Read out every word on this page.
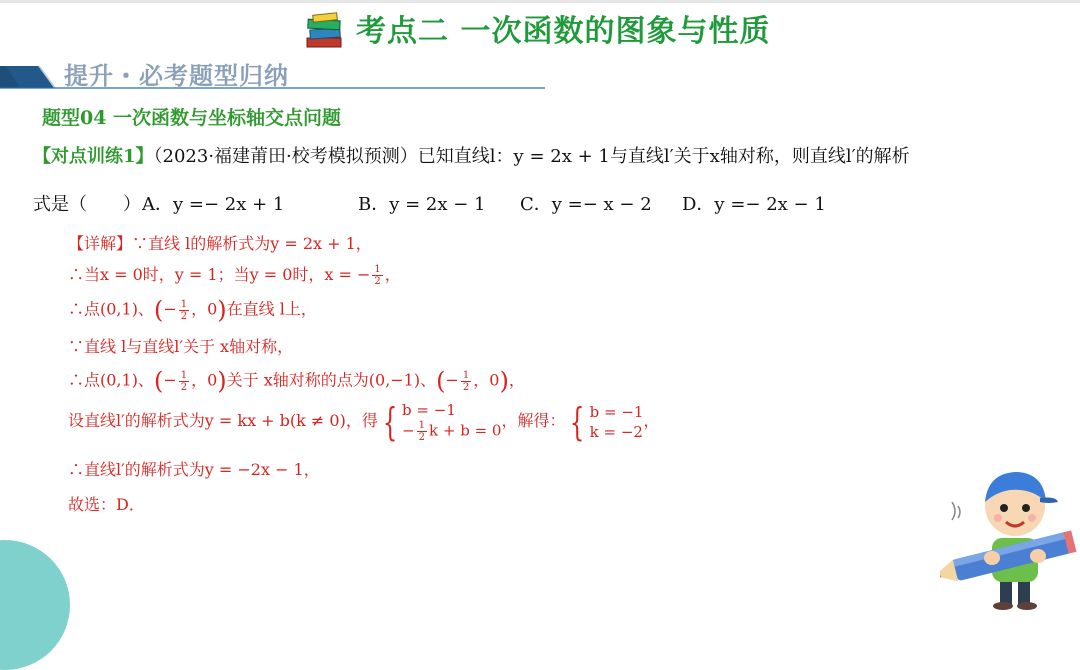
考点二 一次函数的图象与性质
提升・必考题型归纳
题型04 一次函数与坐标轴交点问题
【对点训练1】（2023·福建莆田·校考模拟预测）已知直线l：y = 2x + 1与直线l′关于x轴对称，则直线l′的解析
式是（　　） A．y =− 2x + 1	B．y = 2x − 1 C．y =− x − 2 D．y =− 2x − 1
【详解】∵直线 l的解析式为y = 2x + 1，
∴当x = 0时，y = 1；当y = 0时，x = − $\frac{1}{2}$ ，
∴点(0,1)、(− $\frac{1}{2}$ ，0)在直线 l上，
∵直线 l与直线l′关于 x轴对称，
∴点(0,1)、(− $\frac{1}{2}$ ，0)关于 x轴对称的点为(0,−1)、(− $\frac{1}{2}$ ，0)，
设直线l′的解析式为y = kx + b(k ≠ 0)，得 { b = −1
− $\frac{1}{2}$ k + b = 0，解得： { b = −1
k = −2，
∴直线l′的解析式为y = −2x − 1，
故选：D．
